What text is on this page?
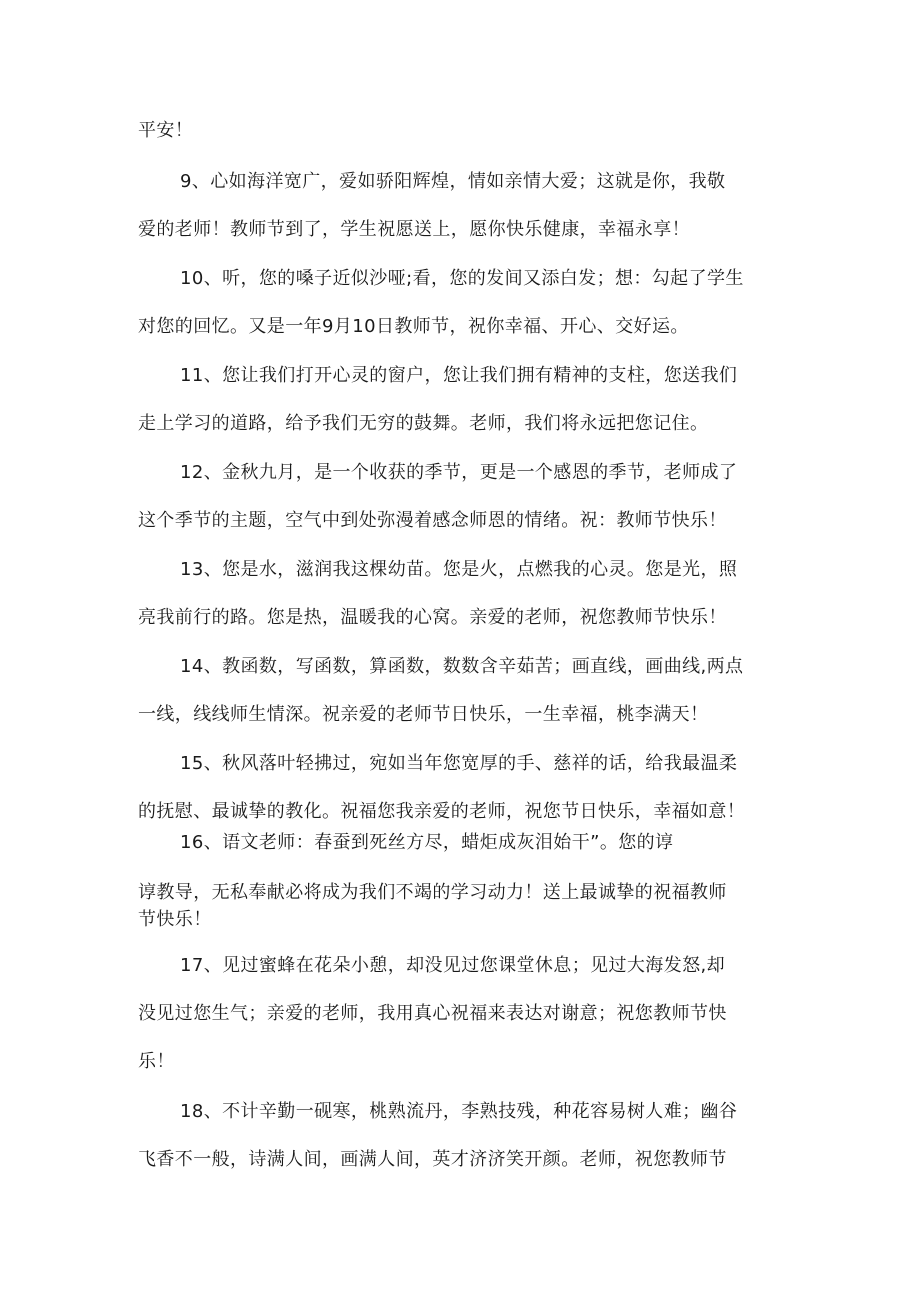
平安！
9、心如海洋宽广，爱如骄阳辉煌，情如亲情大爱；这就是你，我敬
爱的老师！教师节到了，学生祝愿送上，愿你快乐健康，幸福永享！
10、听，您的嗓子近似沙哑;看，您的发间又添白发；想：勾起了学生
对您的回忆。又是一年9月10日教师节，祝你幸福、开心、交好运。
11、您让我们打开心灵的窗户，您让我们拥有精神的支柱，您送我们
走上学习的道路，给予我们无穷的鼓舞。老师，我们将永远把您记住。
12、金秋九月，是一个收获的季节，更是一个感恩的季节，老师成了
这个季节的主题，空气中到处弥漫着感念师恩的情绪。祝：教师节快乐！
13、您是水，滋润我这棵幼苗。您是火，点燃我的心灵。您是光，照
亮我前行的路。您是热，温暖我的心窝。亲爱的老师，祝您教师节快乐！
14、教函数，写函数，算函数，数数含辛茹苦；画直线，画曲线,两点
一线，线线师生情深。祝亲爱的老师节日快乐，一生幸福，桃李满天！
15、秋风落叶轻拂过，宛如当年您宽厚的手、慈祥的话，给我最温柔
的抚慰、最诚挚的教化。祝福您我亲爱的老师，祝您节日快乐，幸福如意！
16、语文老师：春蚕到死丝方尽，蜡炬成灰泪始干”。您的谆
谆教导，无私奉献必将成为我们不竭的学习动力！送上最诚挚的祝福教师
节快乐！
17、见过蜜蜂在花朵小憩，却没见过您课堂休息；见过大海发怒,却
没见过您生气；亲爱的老师，我用真心祝福来表达对谢意；祝您教师节快
乐！
18、不计辛勤一砚寒，桃熟流丹，李熟技残，种花容易树人难；幽谷
飞香不一般，诗满人间，画满人间，英才济济笑开颜。老师，祝您教师节
